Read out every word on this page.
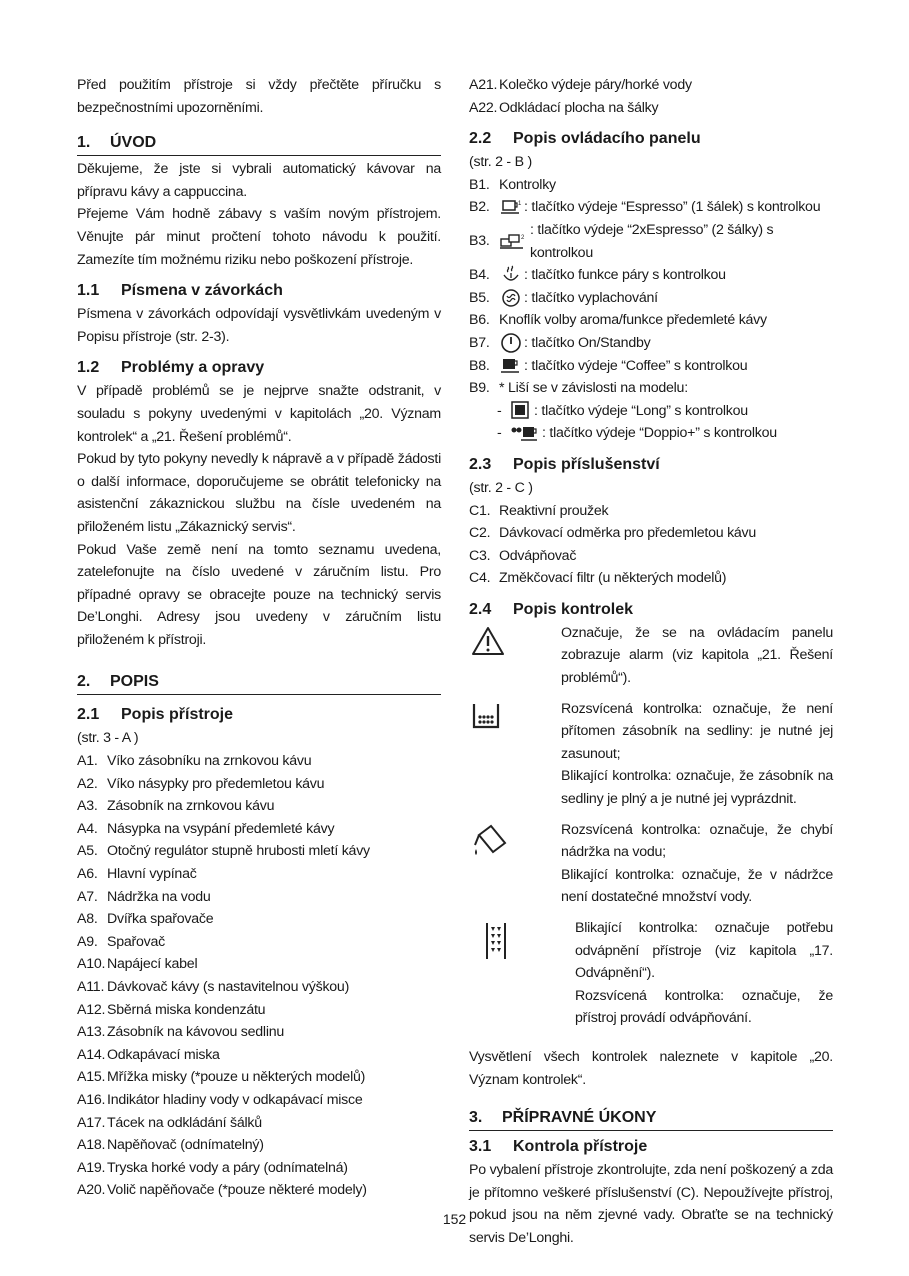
Před použitím přístroje si vždy přečtěte příručku s bezpečnostními upozorněními.

1.	ÚVOD

Děkujeme, že jste si vybrali automatický kávovar na přípravu kávy a cappuccina.

Přejeme Vám hodně zábavy s vaším novým přístrojem. Věnujte pár minut pročtení tohoto návodu k použití. Zamezíte tím možnému riziku nebo poškození přístroje.

1.1	Písmena v závorkách

Písmena v závorkách odpovídají vysvětlivkám uvedeným v Popisu přístroje (str. 2-3).

1.2	Problémy a opravy

V případě problémů se je nejprve snažte odstranit, v souladu s pokyny uvedenými v kapitolách „20. Význam kontrolek“ a „21. Řešení problémů“.

Pokud by tyto pokyny nevedly k nápravě a v případě žádosti o další informace, doporučujeme se obrátit telefonicky na asistenční zákaznickou službu na čísle uvedeném na přiloženém listu „Zákaznický servis“.

Pokud Vaše země není na tomto seznamu uvedena, zatelefonujte na číslo uvedené v záručním listu. Pro případné opravy se obracejte pouze na technický servis De’Longhi. Adresy jsou uvedeny v záručním listu přiloženém k přístroji.

2.	POPIS
2.1	Popis přístroje

(str. 3 - A )

A1. Víko zásobníku na zrnkovou kávu
A2. Víko násypky pro předemletou kávu
A3. Zásobník na zrnkovou kávu
A4. Násypka na vsypání předemleté kávy
A5. Otočný regulátor stupně hrubosti mletí kávy
A6. Hlavní vypínač
A7. Nádržka na vodu
A8. Dvířka spařovače
A9. Spařovač
A10. Napájecí kabel
A11. Dávkovač kávy (s nastavitelnou výškou)
A12. Sběrná miska kondenzátu
A13. Zásobník na kávovou sedlinu
A14. Odkapávací miska
A15. Mřížka misky (*pouze u některých modelů)
A16. Indikátor hladiny vody v odkapávací misce
A17. Tácek na odkládání šálků
A18. Napěňovač (odnímatelný)
A19. Tryska horké vody a páry (odnímatelná)
A20. Volič napěňovače (*pouze některé modely)
A21. Kolečko výdeje páry/horké vody
A22. Odkládací plocha na šálky
2.2	Popis ovládacího panelu

(str. 2 - B )

B1. Kontrolky
B2.	1 : tlačítko výdeje “Espresso” (1 šálek) s kontrolkou
B3.	2 : tlačítko výdeje “2xEspresso” (2 šálky) s kontrolkou
B4.	: tlačítko funkce páry s kontrolkou
B5.	: tlačítko vyplachování
B6. Knoflík volby aroma/funkce předemleté kávy
B7.	: tlačítko On/Standby
B8.	: tlačítko výdeje “Coffee” s kontrolkou
B9. * Liší se v závislosti na modelu:
-	: tlačítko výdeje “Long” s kontrolkou
-	: tlačítko výdeje “Doppio+” s kontrolkou
2.3	Popis příslušenství

(str. 2 - C )

C1. Reaktivní proužek
C2. Dávkovací odměrka pro předemletou kávu
C3. Odvápňovač
C4. Změkčovací filtr (u některých modelů)
2.4	Popis kontrolek

Označuje, že se na ovládacím panelu zobrazuje alarm (viz kapitola „21. Řešení problémů“).

Rozsvícená kontrolka: označuje, že není přítomen zásobník na sedliny: je nutné jej zasunout;

Blikající kontrolka: označuje, že zásobník na sedliny je plný a je nutné jej vyprázdnit.

Rozsvícená kontrolka: označuje, že chybí nádržka na vodu;

Blikající kontrolka: označuje, že v nádržce není dostatečné množství vody.

Blikající kontrolka: označuje potřebu odvápnění přístroje (viz kapitola „17. Odvápnění“).

Rozsvícená kontrolka: označuje, že přístroj provádí odvápňování.

Vysvětlení všech kontrolek naleznete v kapitole „20. Význam kontrolek“.

3.	PŘÍPRAVNÉ ÚKONY
3.1	Kontrola přístroje

Po vybalení přístroje zkontrolujte, zda není poškozený a zda je přítomno veškeré příslušenství (C). Nepoužívejte přístroj, pokud jsou na něm zjevné vady. Obraťte se na technický servis De’Longhi.

152
